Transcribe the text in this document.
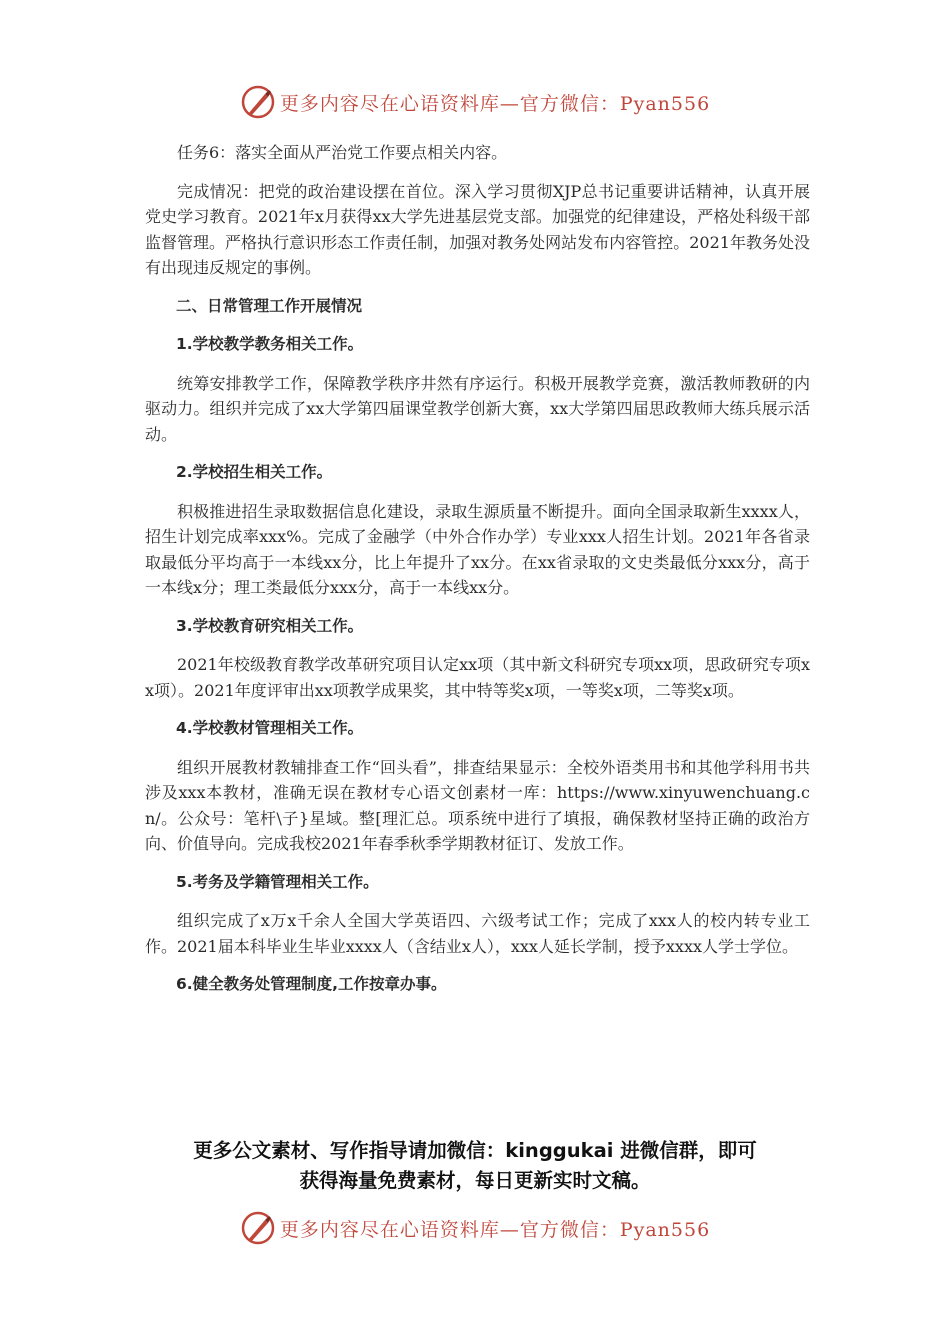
更多内容尽在心语资料库—官方微信：Pyan556

任务6：落实全面从严治党工作要点相关内容。

完成情况：把党的政治建设摆在首位。深入学习贯彻XJP总书记重要讲话精神，认真开展党史学习教育。2021年x月获得xx大学先进基层党支部。加强党的纪律建设，严格处科级干部监督管理。严格执行意识形态工作责任制，加强对教务处网站发布内容管控。2021年教务处没有出现违反规定的事例。

二、日常管理工作开展情况

1.学校教学教务相关工作。

统筹安排教学工作，保障教学秩序井然有序运行。积极开展教学竞赛，激活教师教研的内驱动力。组织并完成了xx大学第四届课堂教学创新大赛，xx大学第四届思政教师大练兵展示活动。

2.学校招生相关工作。

积极推进招生录取数据信息化建设，录取生源质量不断提升。面向全国录取新生xxxx人，招生计划完成率xxx%。完成了金融学（中外合作办学）专业xxx人招生计划。2021年各省录取最低分平均高于一本线xx分，比上年提升了xx分。在xx省录取的文史类最低分xxx分，高于一本线x分；理工类最低分xxx分，高于一本线xx分。

3.学校教育研究相关工作。

2021年校级教育教学改革研究项目认定xx项（其中新文科研究专项xx项，思政研究专项xx项）。2021年度评审出xx项教学成果奖，其中特等奖x项，一等奖x项，二等奖x项。

4.学校教材管理相关工作。

组织开展教材教辅排查工作“回头看”，排查结果显示：全校外语类用书和其他学科用书共涉及xxx本教材，准确无误在教材专心语文创素材一库：https://www.xinyuwenchuang.cn/。公众号：笔杆\子}星域。整[理汇总。项系统中进行了填报，确保教材坚持正确的政治方向、价值导向。完成我校2021年春季秋季学期教材征订、发放工作。

5.考务及学籍管理相关工作。

组织完成了x万x千余人全国大学英语四、六级考试工作；完成了xxx人的校内转专业工作。2021届本科毕业生毕业xxxx人（含结业x人），xxx人延长学制，授予xxxx人学士学位。

6.健全教务处管理制度,工作按章办事。

更多公文素材、写作指导请加微信：kinggukai 进微信群，即可
获得海量免费素材，每日更新实时文稿。
更多内容尽在心语资料库—官方微信：Pyan556
